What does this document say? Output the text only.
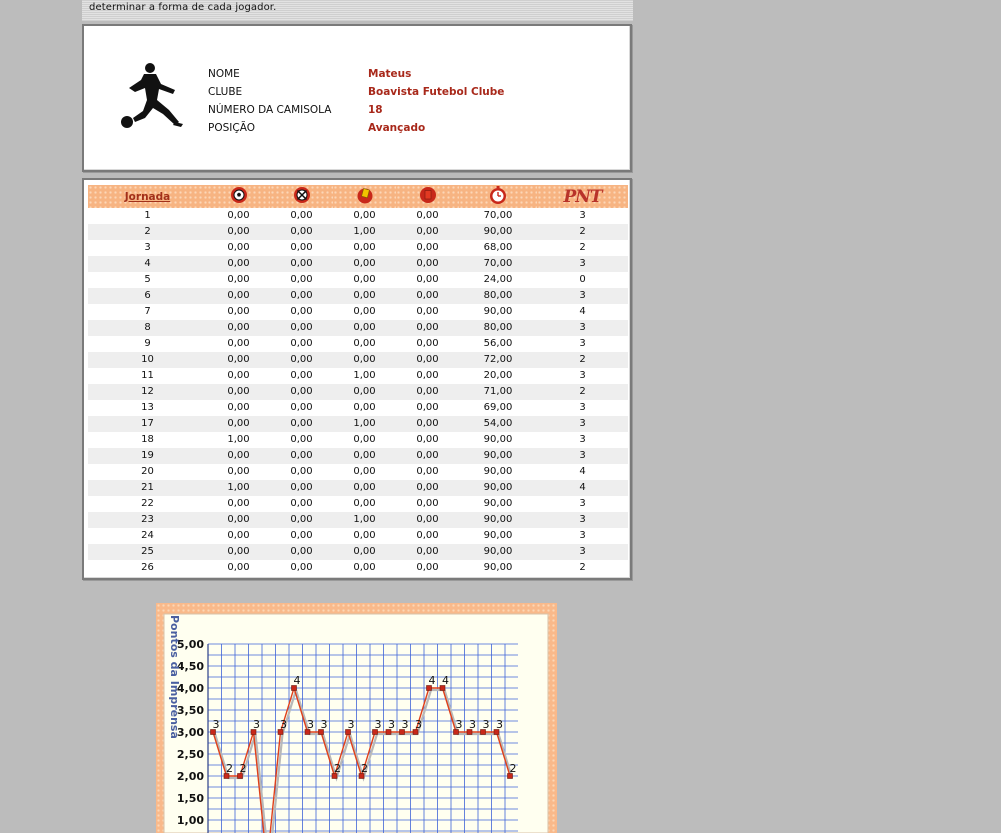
determinar a forma de cada jogador.
NOME	Mateus
CLUBE	Boavista Futebol Clube
NÚMERO DA CAMISOLA	18
POSIÇÃO	Avançado
Jornada						PNT
1	0,00	0,00	0,00	0,00	70,00	3
2	0,00	0,00	1,00	0,00	90,00	2
3	0,00	0,00	0,00	0,00	68,00	2
4	0,00	0,00	0,00	0,00	70,00	3
5	0,00	0,00	0,00	0,00	24,00	0
6	0,00	0,00	0,00	0,00	80,00	3
7	0,00	0,00	0,00	0,00	90,00	4
8	0,00	0,00	0,00	0,00	80,00	3
9	0,00	0,00	0,00	0,00	56,00	3
10	0,00	0,00	0,00	0,00	72,00	2
11	0,00	0,00	1,00	0,00	20,00	3
12	0,00	0,00	0,00	0,00	71,00	2
13	0,00	0,00	0,00	0,00	69,00	3
17	0,00	0,00	1,00	0,00	54,00	3
18	1,00	0,00	0,00	0,00	90,00	3
19	0,00	0,00	0,00	0,00	90,00	3
20	0,00	0,00	0,00	0,00	90,00	4
21	1,00	0,00	0,00	0,00	90,00	4
22	0,00	0,00	0,00	0,00	90,00	3
23	0,00	0,00	1,00	0,00	90,00	3
24	0,00	0,00	0,00	0,00	90,00	3
25	0,00	0,00	0,00	0,00	90,00	3
26	0,00	0,00	0,00	0,00	90,00	2
1,00
1,50
2,00
2,50
3,00
3,50
4,00
4,50
5,00
3
2 2
3 3
4
3 3
2
3
2
3 3 3 3
4 4
3 3 3 3
2
Pontos da Imprensa
